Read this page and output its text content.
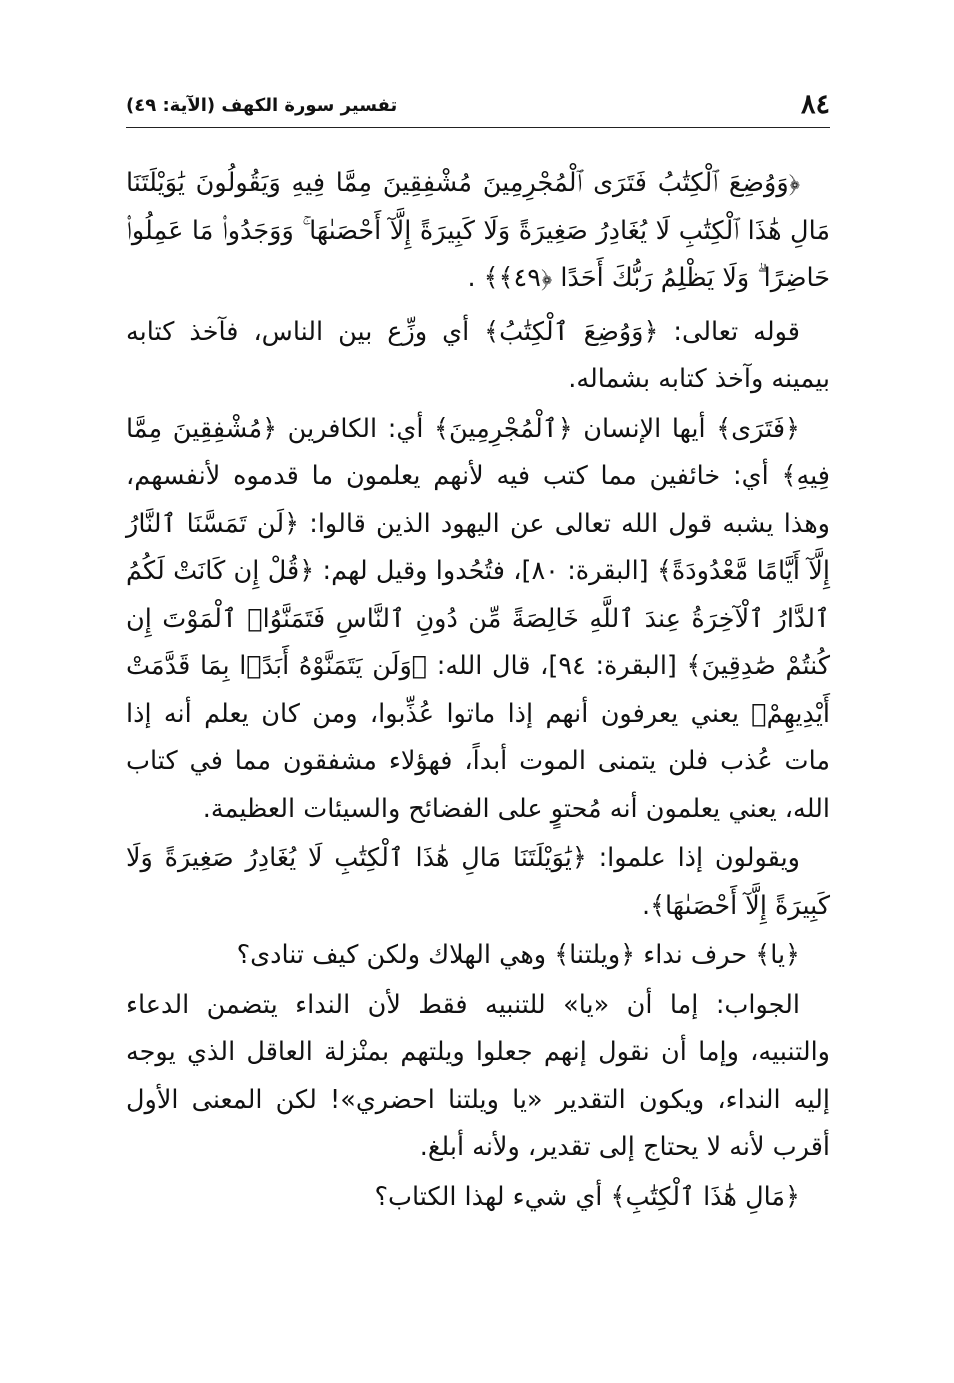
٨٤
تفسير سورة الكهف (الآية: ٤٩)

﴿وَوُضِعَ ٱلْكِتَٰبُ فَتَرَى ٱلْمُجْرِمِينَ مُشْفِقِينَ مِمَّا فِيهِ وَيَقُولُونَ يَٰوَيْلَتَنَا مَالِ هَٰذَا ٱلْكِتَٰبِ لَا يُغَادِرُ صَغِيرَةً وَلَا كَبِيرَةً إِلَّآ أَحْصَىٰهَا ۚ وَوَجَدُوا۟ مَا عَمِلُوا۟ حَاضِرًا ۗ وَلَا يَظْلِمُ رَبُّكَ أَحَدًا ﴿٤٩﴾﴾ .

قوله تعالى: ﴿وَوُضِعَ ٱلْكِتَٰبُ﴾ أي وزِّع بين الناس، فآخذ كتابه بيمينه وآخذ كتابه بشماله.

﴿فَتَرَى﴾ أيها الإنسان ﴿ٱلْمُجْرِمِينَ﴾ أي: الكافرين ﴿مُشْفِقِينَ مِمَّا فِيهِ﴾ أي: خائفين مما كتب فيه لأنهم يعلمون ما قدموه لأنفسهم، وهذا يشبه قول الله تعالى عن اليهود الذين قالوا: ﴿لَن تَمَسَّنَا ٱلنَّارُ إِلَّآ أَيَّامًا مَّعْدُودَةً﴾ [البقرة: ٨٠]، فتُحُدوا وقيل لهم: ﴿قُلْ إِن كَانَتْ لَكُمُ ٱلدَّارُ ٱلْآخِرَةُ عِندَ ٱللَّهِ خَالِصَةً مِّن دُونِ ٱلنَّاسِ فَتَمَنَّوُا۟ ٱلْمَوْتَ إِن كُنتُمْ صَٰدِقِينَ﴾ [البقرة: ٩٤]، قال الله: ﴿وَلَن يَتَمَنَّوْهُ أَبَدًۢا بِمَا قَدَّمَتْ أَيْدِيهِمْ﴾ يعني يعرفون أنهم إذا ماتوا عُذِّبوا، ومن كان يعلم أنه إذا مات عُذب فلن يتمنى الموت أبداً، فهؤلاء مشفقون مما في كتاب الله، يعني يعلمون أنه مُحتوٍ على الفضائح والسيئات العظيمة.

ويقولون إذا علموا: ﴿يَٰوَيْلَتَنَا مَالِ هَٰذَا ٱلْكِتَٰبِ لَا يُغَادِرُ صَغِيرَةً وَلَا كَبِيرَةً إِلَّآ أَحْصَىٰهَا﴾.

﴿يا﴾ حرف نداء ﴿ويلتنا﴾ وهي الهلاك ولكن كيف تنادى؟

الجواب: إما أن «يا» للتنبيه فقط لأن النداء يتضمن الدعاء والتنبيه، وإما أن نقول إنهم جعلوا ويلتهم بمنْزلة العاقل الذي يوجه إليه النداء، ويكون التقدير «يا ويلتنا احضري»! لكن المعنى الأول أقرب لأنه لا يحتاج إلى تقدير، ولأنه أبلغ.

﴿مَالِ هَٰذَا ٱلْكِتَٰبِ﴾ أي شيء لهذا الكتاب؟
